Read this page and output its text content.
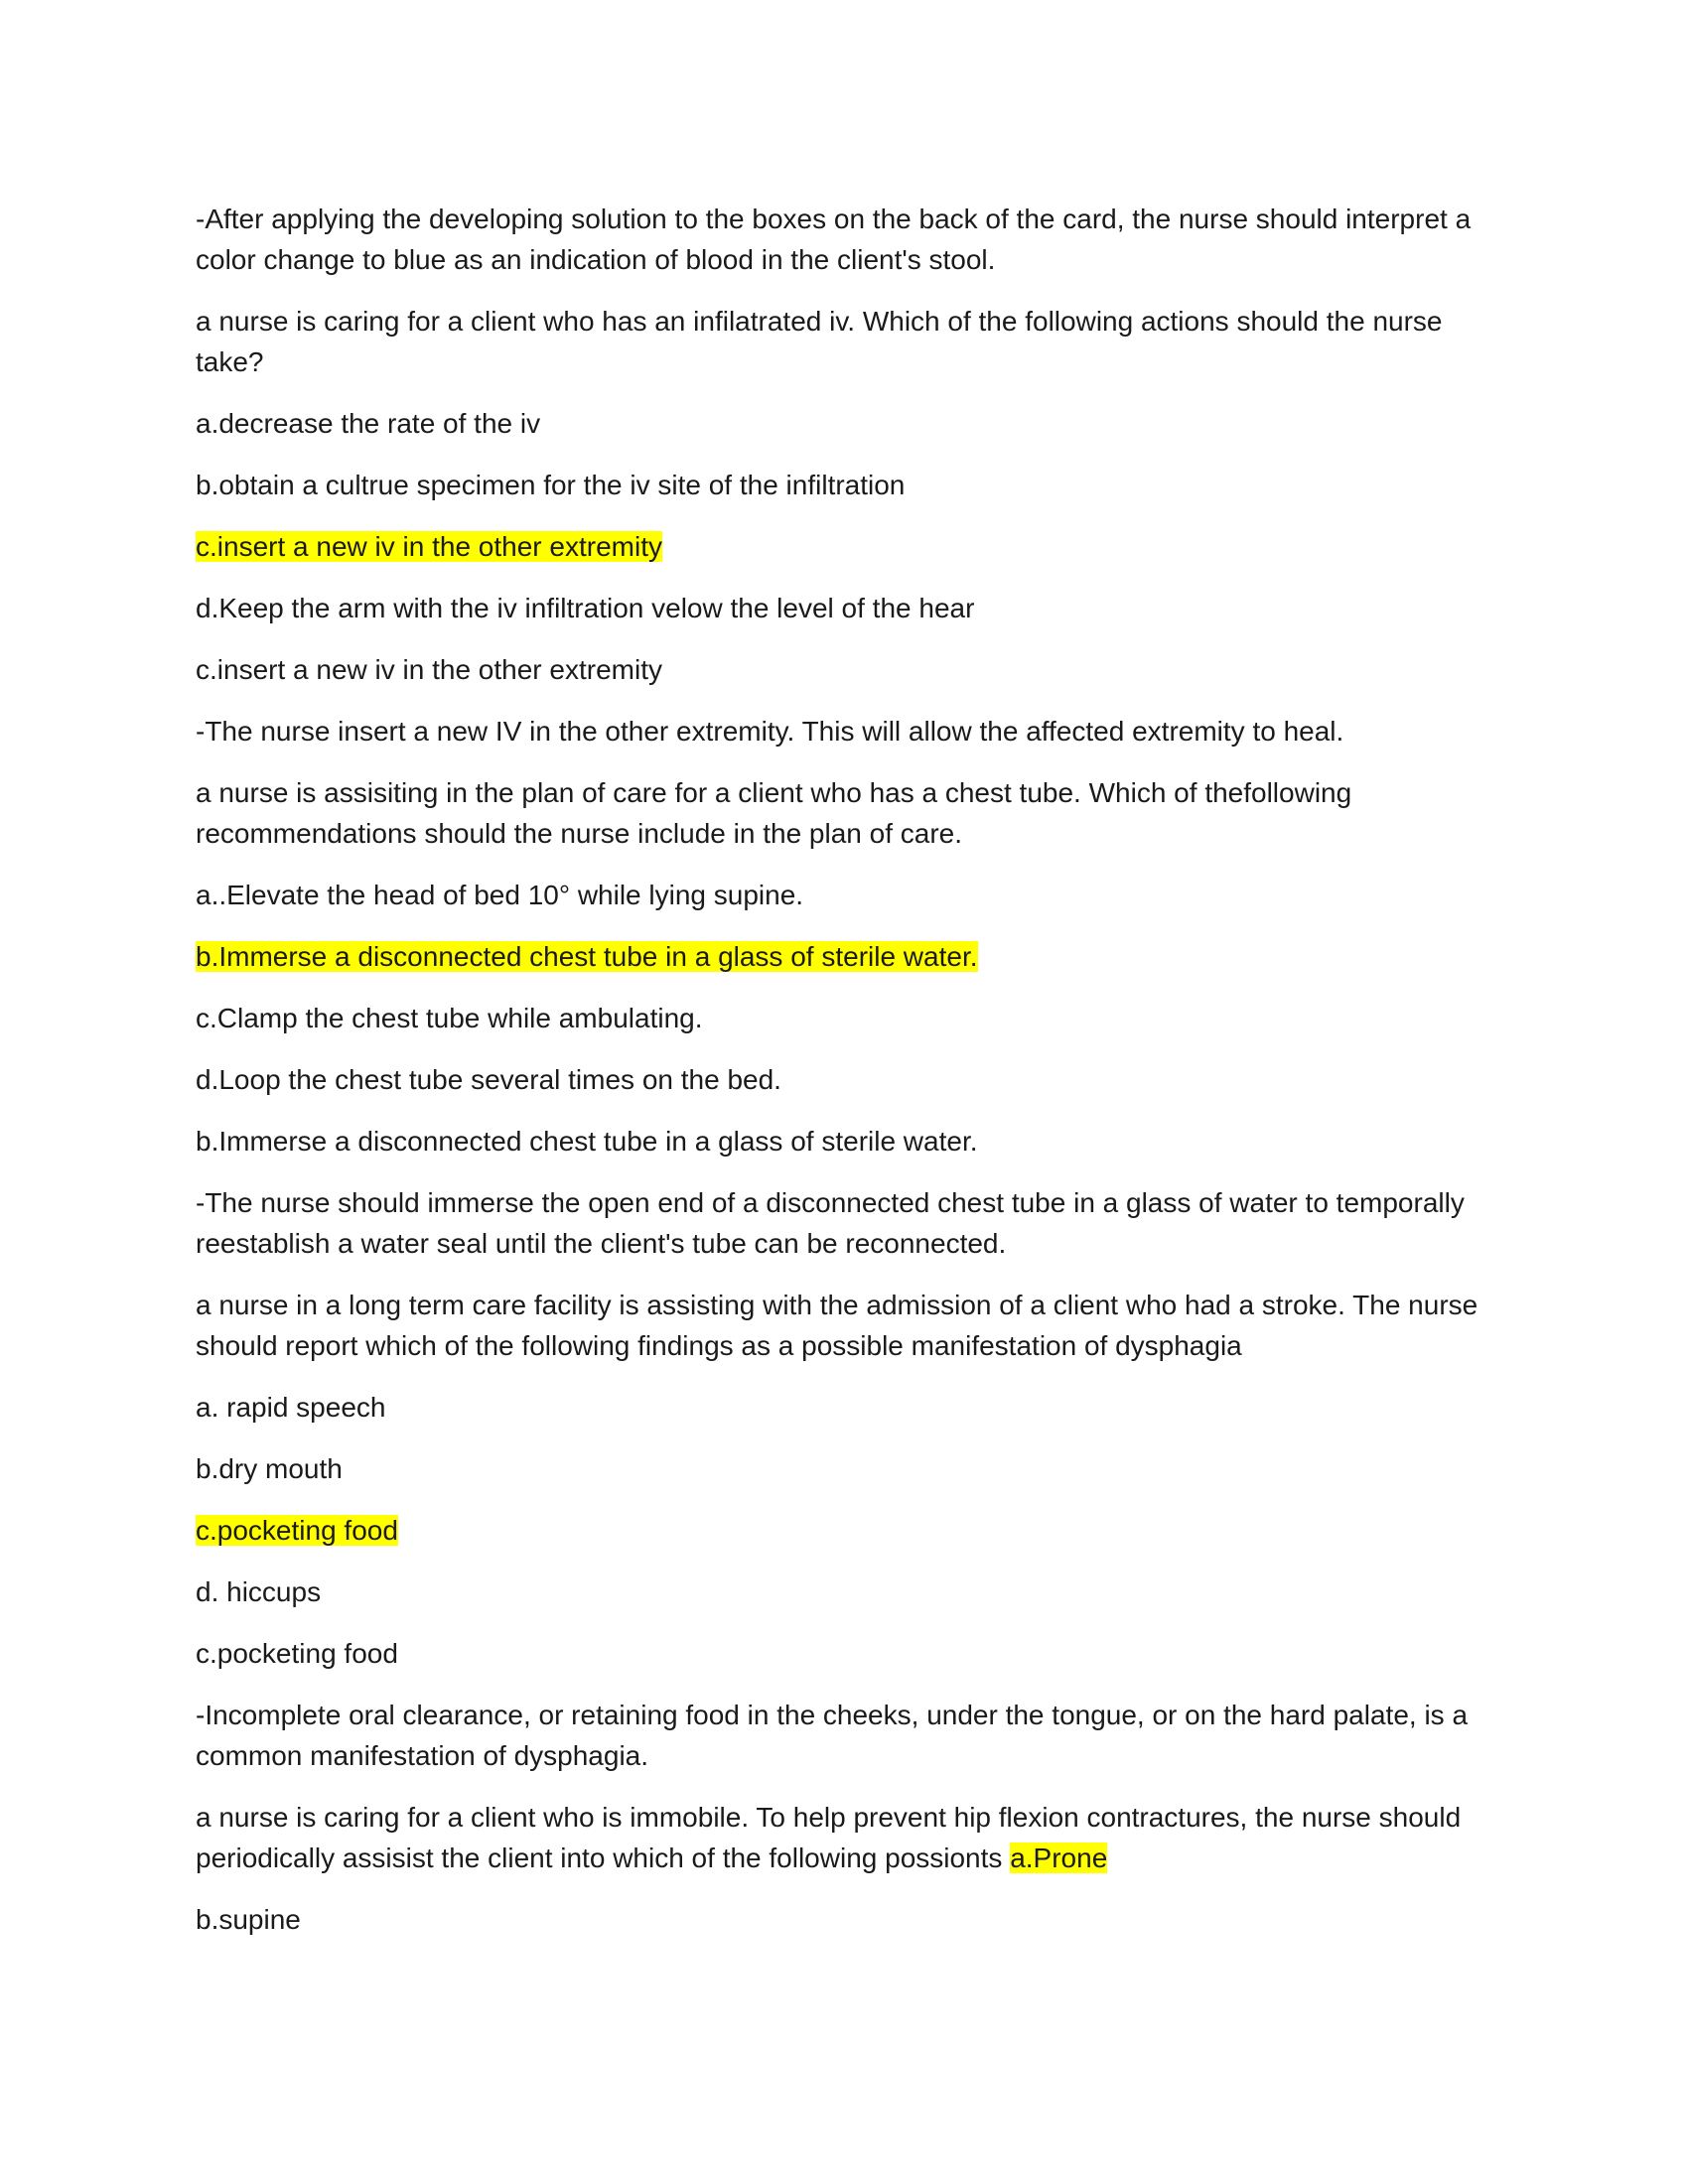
-After applying the developing solution to the boxes on the back of the card, the nurse should interpret a color change to blue as an indication of blood in the client's stool.

a nurse is caring for a client who has an infilatrated iv. Which of the following actions should the nurse take?

a.decrease the rate of the iv

b.obtain a cultrue specimen for the iv site of the infiltration

c.insert a new iv in the other extremity

d.Keep the arm with the iv infiltration velow the level of the hear

c.insert a new iv in the other extremity

-The nurse insert a new IV in the other extremity. This will allow the affected extremity to heal.

a nurse is assisiting in the plan of care for a client who has a chest tube. Which of thefollowing recommendations should the nurse include in the plan of care.

a..Elevate the head of bed 10° while lying supine.

b.Immerse a disconnected chest tube in a glass of sterile water.

c.Clamp the chest tube while ambulating.

d.Loop the chest tube several times on the bed.

b.Immerse a disconnected chest tube in a glass of sterile water.

-The nurse should immerse the open end of a disconnected chest tube in a glass of water to temporally reestablish a water seal until the client's tube can be reconnected.

a nurse in a long term care facility is assisting with the admission of a client who had a stroke. The nurse should report which of the following findings as a possible manifestation of dysphagia

a. rapid speech

b.dry mouth

c.pocketing food

d. hiccups

c.pocketing food

-Incomplete oral clearance, or retaining food in the cheeks, under the tongue, or on the hard palate, is a common manifestation of dysphagia.

a nurse is caring for a client who is immobile. To help prevent hip flexion contractures, the nurse should periodically assisist the client into which of the following possionts a.Prone

b.supine
